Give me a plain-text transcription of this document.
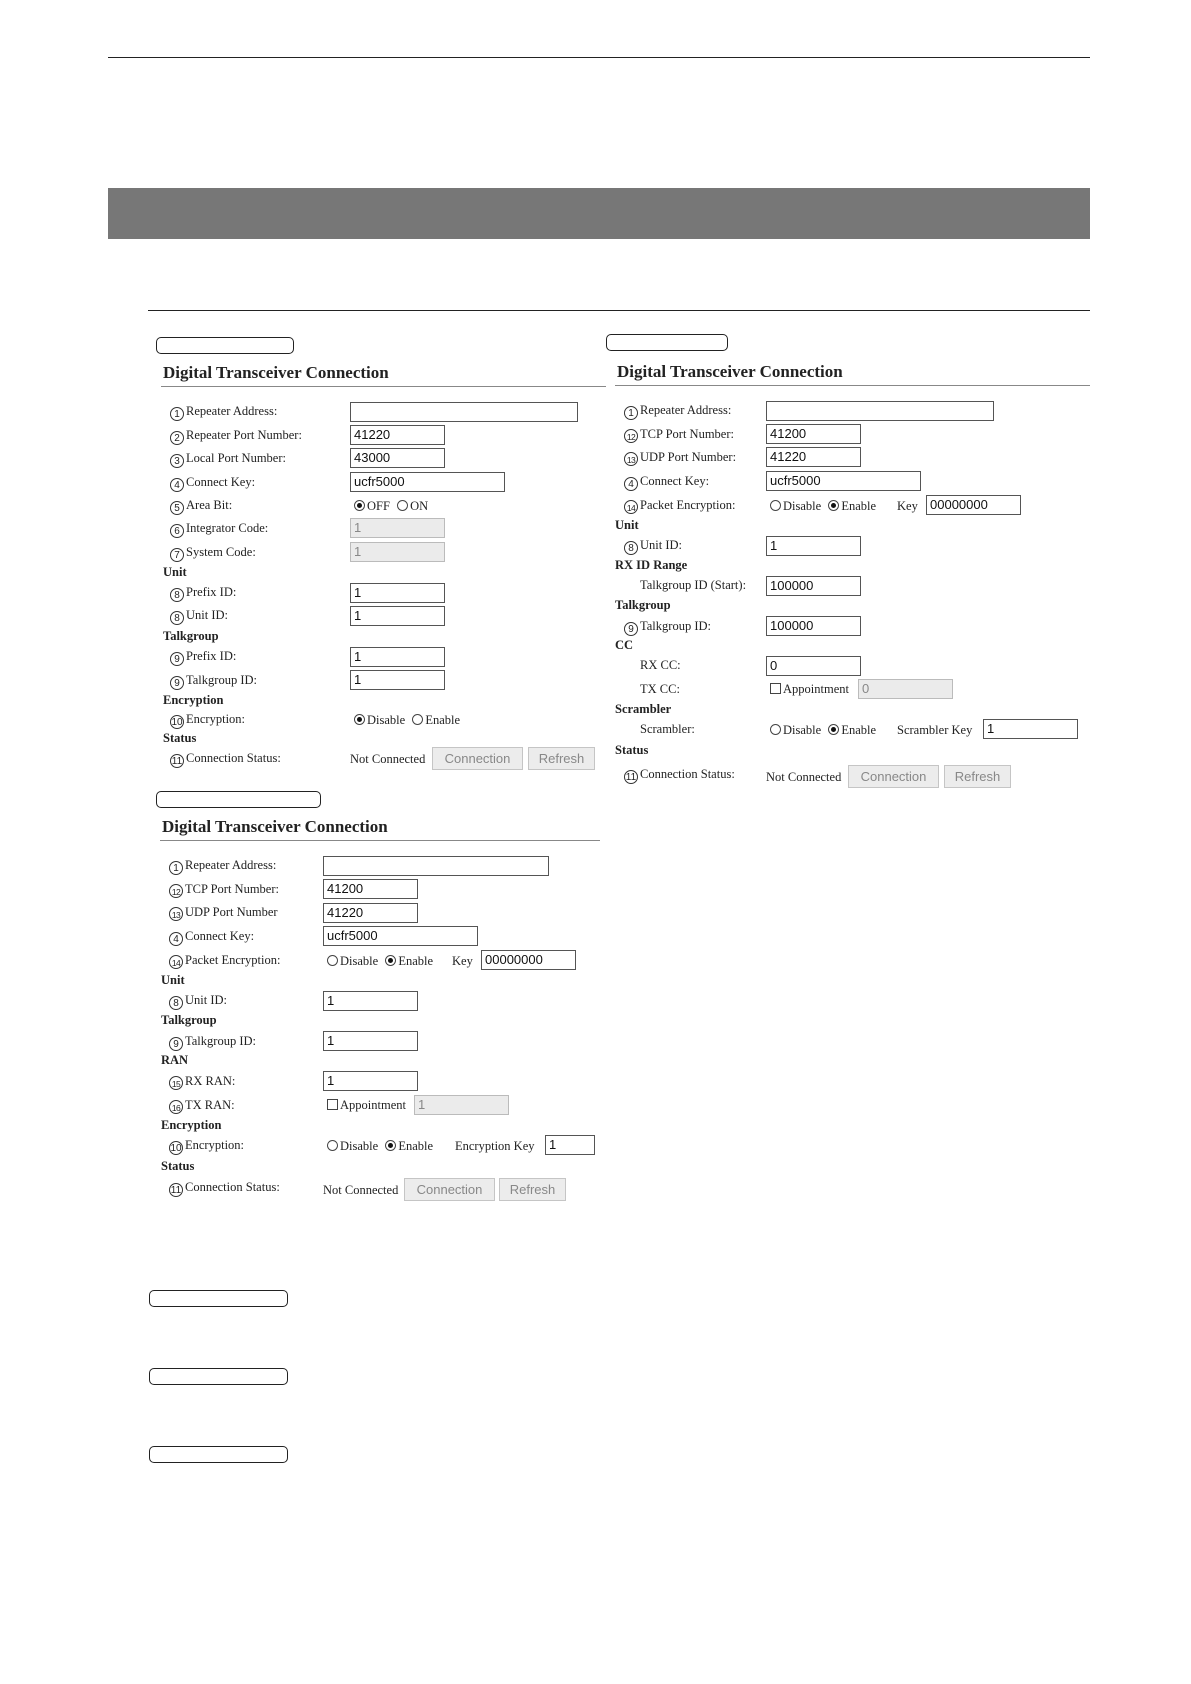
Digital Transceiver Connection
1 Repeater Address:
2 Repeater Port Number:	41220
3 Local Port Number:	43000
4 Connect Key:	ucfr5000
5 Area Bit:	OFF ON
6 Integrator Code:	1
7 System Code:	1
Unit
8 Prefix ID:	1
8 Unit ID:	1
Talkgroup
9 Prefix ID:	1
9 Talkgroup ID:	1
Encryption
10 Encryption:	Disable Enable
Status
11 Connection Status:	Not Connected	Connection	Refresh
Digital Transceiver Connection
1 Repeater Address:
12 TCP Port Number:	41200
13 UDP Port Number:	41220
4 Connect Key:	ucfr5000
14 Packet Encryption:	Disable Enable Key 00000000
Unit
8 Unit ID:	1
RX ID Range
Talkgroup ID (Start):	100000
Talkgroup
9 Talkgroup ID:	100000
CC
RX CC:	0
TX CC:	Appointment	0
Scrambler
Scrambler:	Disable Enable Scrambler Key	1
Status
11 Connection Status: Not Connected	Connection	Refresh
Digital Transceiver Connection
1 Repeater Address:
12 TCP Port Number:	41200
13 UDP Port Number	41220
4 Connect Key:	ucfr5000
14 Packet Encryption:	Disable Enable Key 00000000
Unit
8 Unit ID:	1
Talkgroup
9 Talkgroup ID:	1
RAN
15 RX RAN:	1
16 TX RAN:	Appointment 1
Encryption
10 Encryption:	Disable Enable Encryption Key	1
Status
11 Connection Status:	Not Connected	Connection	Refresh
